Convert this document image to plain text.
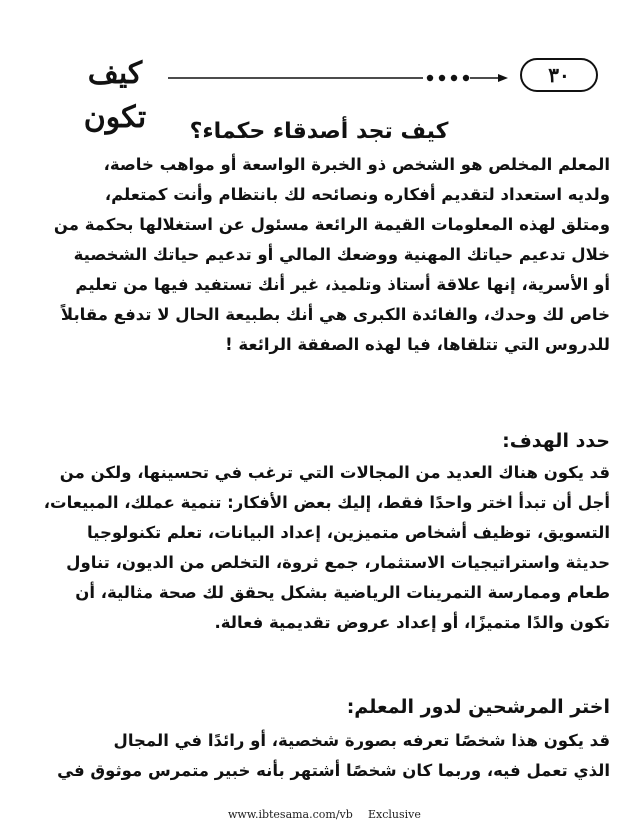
كيف تكون
٣٠
كيف تجد أصدقاء حكماء؟
المعلم المخلص هو الشخص ذو الخبرة الواسعة أو مواهب خاصة،
ولديه استعداد لتقديم أفكاره ونصائحه لك بانتظام وأنت كمتعلم،
ومتلق لهذه المعلومات القيمة الرائعة مسئول عن استغلالها بحكمة من
خلال تدعيم حياتك المهنية ووضعك المالي أو تدعيم حياتك الشخصية
أو الأسرية، إنها علاقة أستاذ وتلميذ، غير أنك تستفيد فيها من تعليم
خاص لك وحدك، والفائدة الكبرى هي أنك بطبيعة الحال لا تدفع مقابلاً
للدروس التي تتلقاها، فيا لهذه الصفقة الرائعة !
حدد الهدف:
قد يكون هناك العديد من المجالات التي ترغب في تحسينها، ولكن من
أجل أن تبدأ اختر واحدًا فقط، إليك بعض الأفكار: تنمية عملك، المبيعات،
التسويق، توظيف أشخاص متميزين، إعداد البيانات، تعلم تكنولوجيا
حديثة واستراتيجيات الاستثمار، جمع ثروة، التخلص من الديون، تناول
طعام وممارسة التمرينات الرياضية بشكل يحقق لك صحة مثالية، أن
تكون والدًا متميزًا، أو إعداد عروض تقديمية فعالة.
اختر المرشحين لدور المعلم:
قد يكون هذا شخصًا تعرفه بصورة شخصية، أو رائدًا في المجال
الذي تعمل فيه، وربما كان شخصًا أشتهر بأنه خبير متمرس موثوق في
www.ibtesama.com/vb Exclusive
